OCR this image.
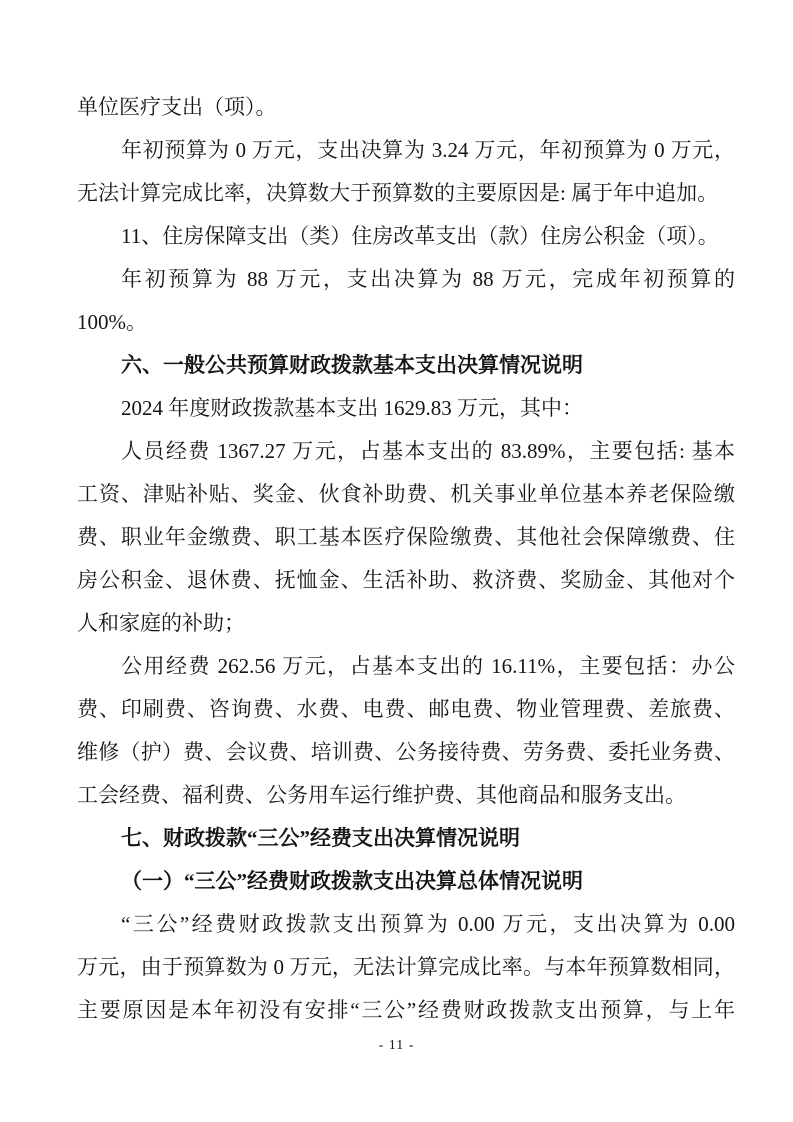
单位医疗支出（项）。
年初预算为 0 万元，支出决算为 3.24 万元，年初预算为 0 万元，
无法计算完成比率，决算数大于预算数的主要原因是: 属于年中追加。
11、住房保障支出（类）住房改革支出（款）住房公积金（项）。
年初预算为 88 万元，支出决算为 88 万元，完成年初预算的
100%。
六、一般公共预算财政拨款基本支出决算情况说明
2024 年度财政拨款基本支出 1629.83 万元，其中：
人员经费 1367.27 万元，占基本支出的 83.89%，主要包括: 基本
工资、津贴补贴、奖金、伙食补助费、机关事业单位基本养老保险缴
费、职业年金缴费、职工基本医疗保险缴费、其他社会保障缴费、住
房公积金、退休费、抚恤金、生活补助、救济费、奖励金、其他对个
人和家庭的补助；
公用经费 262.56 万元，占基本支出的 16.11%，主要包括：办公
费、印刷费、咨询费、水费、电费、邮电费、物业管理费、差旅费、
维修（护）费、会议费、培训费、公务接待费、劳务费、委托业务费、
工会经费、福利费、公务用车运行维护费、其他商品和服务支出。
七、财政拨款“三公”经费支出决算情况说明
（一）“三公”经费财政拨款支出决算总体情况说明
“三公”经费财政拨款支出预算为 0.00 万元，支出决算为 0.00
万元，由于预算数为 0 万元，无法计算完成比率。与本年预算数相同，
主要原因是本年初没有安排“三公”经费财政拨款支出预算，与上年
- 11 -
